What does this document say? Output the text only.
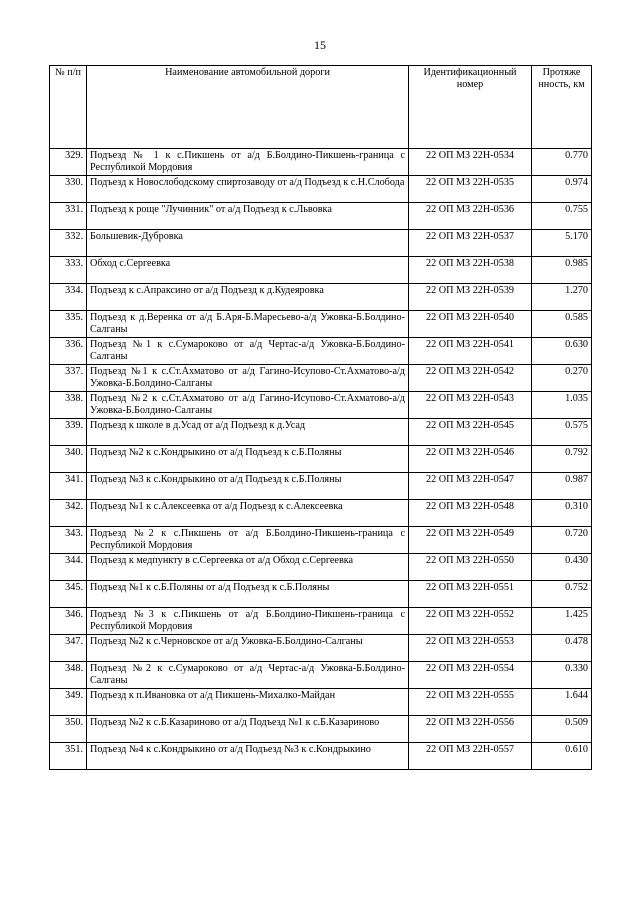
15
№ п/п	Наименование автомобильной дороги	Идентификационный номер	Протяже нность, км
329.	Подъезд № 1 к с.Пикшень от а/д Б.Болдино-Пикшень-граница с Республикой Мордовия	22 ОП МЗ 22Н-0534	0.770
330.	Подъезд к Новослободскому спиртозаводу от а/д Подъезд к с.Н.Слобода	22 ОП МЗ 22Н-0535	0.974
331.	Подъезд к роще "Лучинник" от а/д Подъезд к с.Львовка	22 ОП МЗ 22Н-0536	0.755
332.	Большевик-Дубровка	22 ОП МЗ 22Н-0537	5.170
333.	Обход с.Сергеевка	22 ОП МЗ 22Н-0538	0.985
334.	Подъезд к с.Апраксино от а/д Подъезд к д.Кудеяровка	22 ОП МЗ 22Н-0539	1.270
335.	Подъезд к д.Веренка от а/д Б.Аря-Б.Маресьево-а/д Ужовка-Б.Болдино-Салганы	22 ОП МЗ 22Н-0540	0.585
336.	Подъезд №1 к с.Сумароково от а/д Чертас-а/д Ужовка-Б.Болдино-Салганы	22 ОП МЗ 22Н-0541	0.630
337.	Подъезд №1 к с.Ст.Ахматово от а/д Гагино-Исупово-Ст.Ахматово-а/д Ужовка-Б.Болдино-Салганы	22 ОП МЗ 22Н-0542	0.270
338.	Подъезд №2 к с.Ст.Ахматово от а/д Гагино-Исупово-Ст.Ахматово-а/д Ужовка-Б.Болдино-Салганы	22 ОП МЗ 22Н-0543	1.035
339.	Подъезд к школе в д.Усад от а/д Подъезд к д.Усад	22 ОП МЗ 22Н-0545	0.575
340.	Подъезд №2 к с.Кондрыкино от а/д Подъезд к с.Б.Поляны	22 ОП МЗ 22Н-0546	0.792
341.	Подъезд №3 к с.Кондрыкино от а/д Подъезд к с.Б.Поляны	22 ОП МЗ 22Н-0547	0.987
342.	Подъезд №1 к с.Алексеевка от а/д Подъезд к с.Алексеевка	22 ОП МЗ 22Н-0548	0.310
343.	Подъезд №2 к с.Пикшень от а/д Б.Болдино-Пикшень-граница с Республикой Мордовия	22 ОП МЗ 22Н-0549	0.720
344.	Подъезд к медпункту в с.Сергеевка от а/д Обход с.Сергеевка	22 ОП МЗ 22Н-0550	0.430
345.	Подъезд №1 к с.Б.Поляны от а/д Подъезд к с.Б.Поляны	22 ОП МЗ 22Н-0551	0.752
346.	Подъезд №3 к с.Пикшень от а/д Б.Болдино-Пикшень-граница с Республикой Мордовия	22 ОП МЗ 22Н-0552	1.425
347.	Подъезд №2 к с.Черновское от а/д Ужовка-Б.Болдино-Салганы	22 ОП МЗ 22Н-0553	0.478
348.	Подъезд №2 к с.Сумароково от а/д Чертас-а/д Ужовка-Б.Болдино-Салганы	22 ОП МЗ 22Н-0554	0.330
349.	Подъезд к п.Ивановка от а/д Пикшень-Михалко-Майдан	22 ОП МЗ 22Н-0555	1.644
350.	Подъезд №2 к с.Б.Казариново от а/д Подъезд №1 к с.Б.Казариново	22 ОП МЗ 22Н-0556	0.509
351.	Подъезд №4 к с.Кондрыкино от а/д Подъезд №3 к с.Кондрыкино	22 ОП МЗ 22Н-0557	0.610
